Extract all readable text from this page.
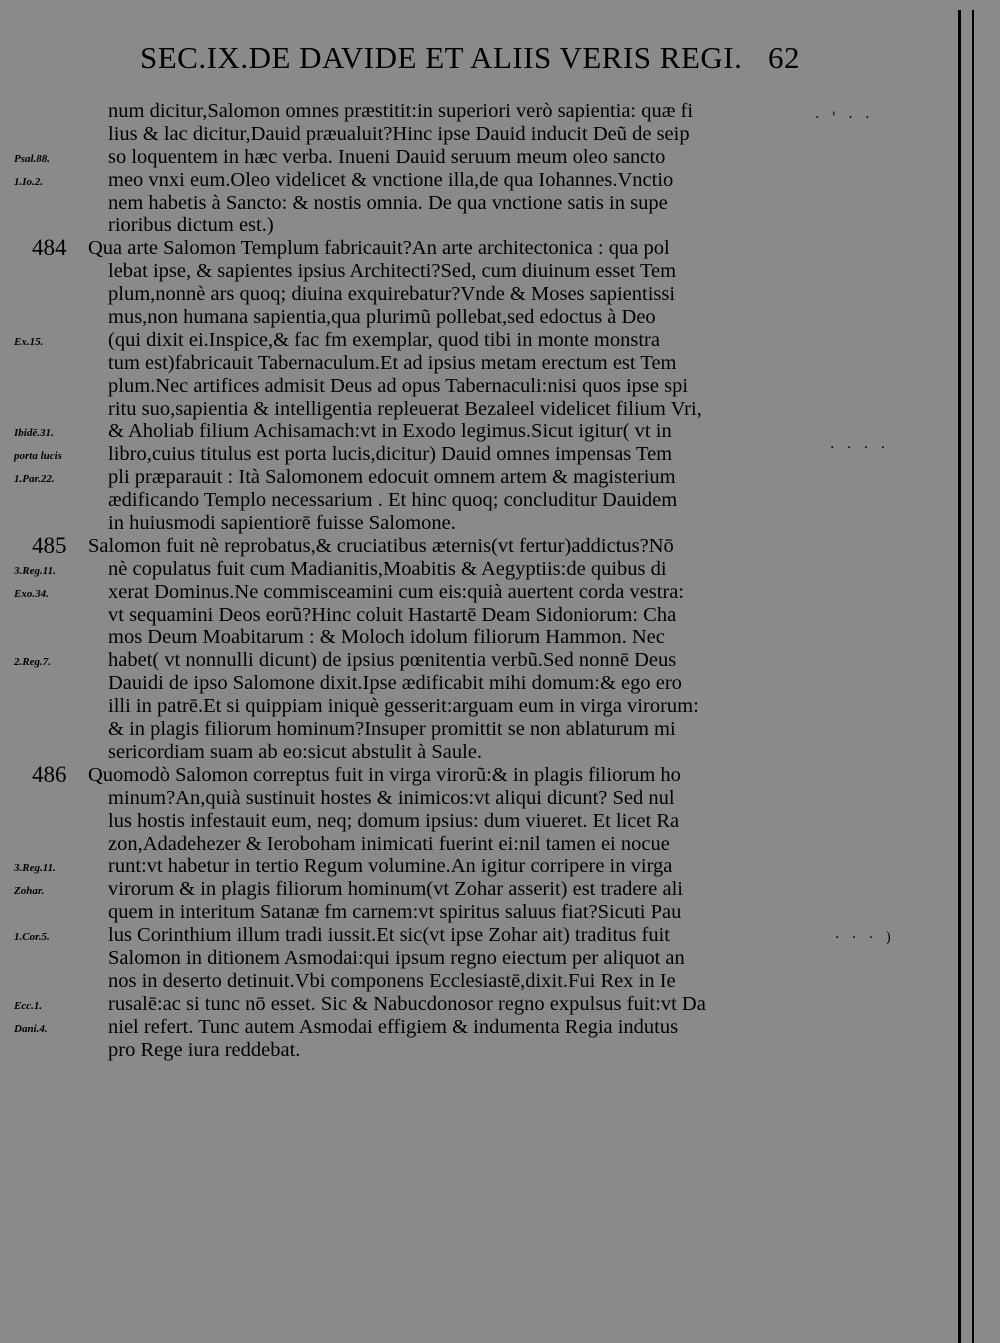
SEC.IX.DE DAVIDE ET ALIIS VERIS REGI. 62
num dicitur,Salomon omnes præstitit:in superiori verò sapientia: quæ fi
lius & lac dicitur,Dauid præualuit?Hinc ipse Dauid inducit Deũ de seip
Psal.88.	so loquentem in hæc verba. Inueni Dauid seruum meum oleo sancto
1.Io.2.	meo vnxi eum.Oleo videlicet & vnctione illa,de qua Iohannes.Vnctio
nem habetis à Sancto: & nostis omnia. De qua vnctione satis in supe
rioribus dictum est.)
484 Qua arte Salomon Templum fabricauit?An arte architectonica : qua pol
lebat ipse, & sapientes ipsius Architecti?Sed, cum diuinum esset Tem
plum,nonnè ars quoq; diuina exquirebatur?Vnde & Moses sapientissi
mus,non humana sapientia,qua plurimũ pollebat,sed edoctus à Deo
Ex.15.	(qui dixit ei.Inspice,& fac fm exemplar, quod tibi in monte monstra
tum est)fabricauit Tabernaculum.Et ad ipsius metam erectum est Tem
plum.Nec artifices admisit Deus ad opus Tabernaculi:nisi quos ipse spi
ritu suo,sapientia & intelligentia repleuerat Bezaleel videlicet filium Vri,
Ibidē.31.	& Aholiab filium Achisamach:vt in Exodo legimus.Sicut igitur( vt in
porta lucis libro,cuius titulus est porta lucis,dicitur) Dauid omnes impensas Tem
1.Par.22.	pli præparauit : Ità Salomonem edocuit omnem artem & magisterium
ædificando Templo necessarium . Et hinc quoq; concluditur Dauidem
in huiusmodi sapientiorē fuisse Salomone.
485 Salomon fuit nè reprobatus,& cruciatibus æternis(vt fertur)addictus?Nō
3.Reg.11.	nè copulatus fuit cum Madianitis,Moabitis & Aegyptiis:de quibus di
Exo.34.	xerat Dominus.Ne commisceamini cum eis:quià auertent corda vestra:
vt sequamini Deos eorũ?Hinc coluit Hastartē Deam Sidoniorum: Cha
mos Deum Moabitarum : & Moloch idolum filiorum Hammon. Nec
2.Reg.7.	habet( vt nonnulli dicunt) de ipsius pœnitentia verbũ.Sed nonnē Deus
Dauidi de ipso Salomone dixit.Ipse ædificabit mihi domum:& ego ero
illi in patrē.Et si quippiam iniquè gesserit:arguam eum in virga virorum:
& in plagis filiorum hominum?Insuper promittit se non ablaturum mi
sericordiam suam ab eo:sicut abstulit à Saule.
486 Quomodò Salomon correptus fuit in virga virorũ:& in plagis filiorum ho
minum?An,quià sustinuit hostes & inimicos:vt aliqui dicunt? Sed nul
lus hostis infestauit eum, neq; domum ipsius: dum viueret. Et licet Ra
zon,Adadehezer & Ieroboham inimicati fuerint ei:nil tamen ei nocue
3.Reg.11.	runt:vt habetur in tertio Regum volumine.An igitur corripere in virga
Zohar.	virorum & in plagis filiorum hominum(vt Zohar asserit) est tradere ali
quem in interitum Satanæ fm carnem:vt spiritus saluus fiat?Sicuti Pau
1.Cor.5.	lus Corinthium illum tradi iussit.Et sic(vt ipse Zohar ait) traditus fuit
Salomon in ditionem Asmodai:qui ipsum regno eiectum per aliquot an
nos in deserto detinuit.Vbi componens Ecclesiastē,dixit.Fui Rex in Ie
Ecc.1.	rusalē:ac si tunc nō esset. Sic & Nabucdonosor regno expulsus fuit:vt Da
Dani.4.	niel refert. Tunc autem Asmodai effigiem & indumenta Regia indutus
pro Rege iura reddebat.
· ' · ·
· · · ·
· · · )
